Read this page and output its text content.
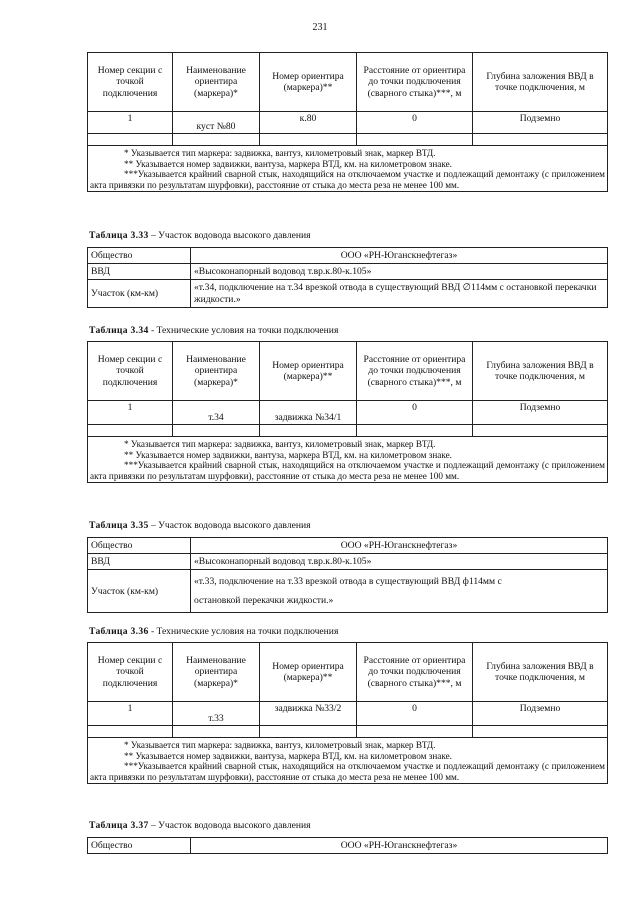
231
Номер секции с точкой подключения	Наименование ориентира (маркера)*	Номер ориентира (маркера)**	Расстояние от ориентира до точки подключения (сварного стыка)***, м	Глубина заложения ВВД в точке подключения, м
1	куст №80	к.80	0	Подземно

* Указывается тип маркера: задвижка, вантуз, километровый знак, маркер ВТД.
** Указывается номер задвижки, вантуза, маркера ВТД, км. на километровом знаке.
***Указывается крайний сварной стык, находящийся на отключаемом участке и подлежащий демонтажу (с приложением акта привязки по результатам шурфовки), расстояние от стыка до места реза не менее 100 мм.				
Таблица 3.33 – Участок водовода высокого давления
Общество	ООО «РН-Юганскнефтегаз»
ВВД	«Высоконапорный водовод т.вр.к.80-к.105»
Участок (км-км)	«т.34, подключение на т.34 врезкой отвода в существующий ВВД ∅114мм с остановкой перекачки жидкости.»
Таблица 3.34 - Технические условия на точки подключения
Номер секции с точкой подключения	Наименование ориентира (маркера)*	Номер ориентира (маркера)**	Расстояние от ориентира до точки подключения (сварного стыка)***, м	Глубина заложения ВВД в точке подключения, м
1	т.34	задвижка №34/1	0	Подземно

* Указывается тип маркера: задвижка, вантуз, километровый знак, маркер ВТД.
** Указывается номер задвижки, вантуза, маркера ВТД, км. на километровом знаке.
***Указывается крайний сварной стык, находящийся на отключаемом участке и подлежащий демонтажу (с приложением акта привязки по результатам шурфовки), расстояние от стыка до места реза не менее 100 мм.				
Таблица 3.35 – Участок водовода высокого давления
Общество	ООО «РН-Юганскнефтегаз»
ВВД	«Высоконапорный водовод т.вр.к.80-к.105»
Участок (км-км)	«т.33, подключение на т.33 врезкой отвода в существующий ВВД ф114мм с
остановкой перекачки жидкости.»
Таблица 3.36 - Технические условия на точки подключения
Номер секции с точкой подключения	Наименование ориентира (маркера)*	Номер ориентира (маркера)**	Расстояние от ориентира до точки подключения (сварного стыка)***, м	Глубина заложения ВВД в точке подключения, м
1	т.33	задвижка №33/2	0	Подземно

* Указывается тип маркера: задвижка, вантуз, километровый знак, маркер ВТД.
** Указывается номер задвижки, вантуза, маркера ВТД, км. на километровом знаке.
***Указывается крайний сварной стык, находящийся на отключаемом участке и подлежащий демонтажу (с приложением акта привязки по результатам шурфовки), расстояние от стыка до места реза не менее 100 мм.				
Таблица 3.37 – Участок водовода высокого давления
Общество	ООО «РН-Юганскнефтегаз»
